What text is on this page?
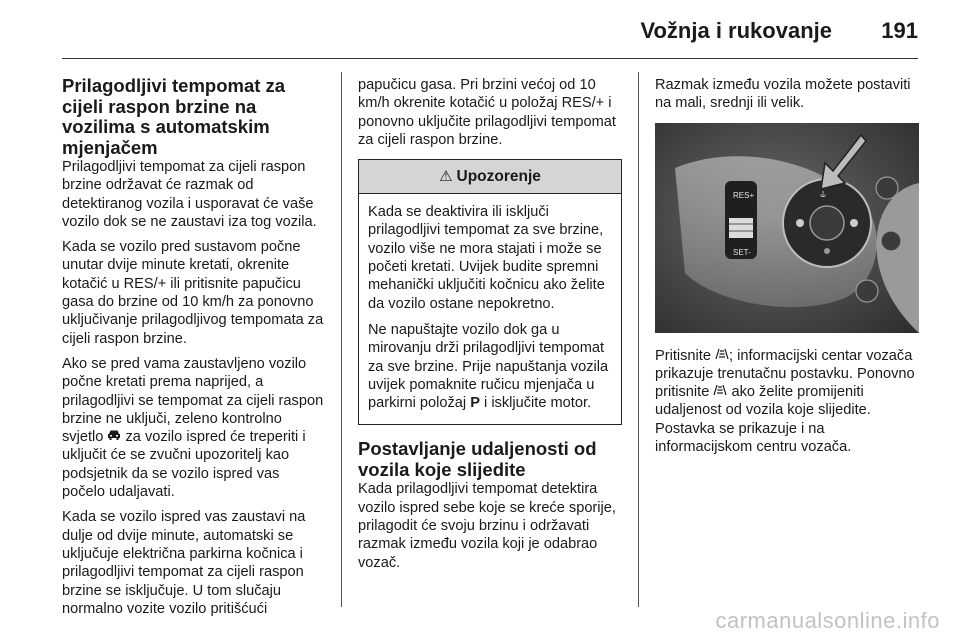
Vožnja i rukovanje 191
Prilagodljivi tempomat za cijeli raspon brzine na vozilima s automatskim mjenjačem

Prilagodljivi tempomat za cijeli raspon brzine održavat će razmak od detektiranog vozila i usporavat će vaše vozilo dok se ne zaustavi iza tog vozila.

Kada se vozilo pred sustavom počne unutar dvije minute kretati, okrenite kotačić u RES/+ ili pritisnite papučicu gasa do brzine od 10 km/h za ponovno uključivanje prilagodljivog tempomata za cijeli raspon brzine.

Ako se pred vama zaustavljeno vozilo počne kretati prema naprijed, a prilagodljivi se tempomat za cijeli raspon brzine ne uključi, zeleno kontrolno svjetlo za vozilo ispred će treperiti i uključit će se zvučni upozoritelj kao podsjetnik da se vozilo ispred vas počelo udaljavati.

Kada se vozilo ispred vas zaustavi na dulje od dvije minute, automatski se uključuje električna parkirna kočnica i prilagodljivi tempomat za cijeli raspon brzine se isključuje. U tom slučaju normalno vozite vozilo pritišćući

papučicu gasa. Pri brzini većoj od 10 km/h okrenite kotačić u položaj RES/+ i ponovno uključite prilagodljivi tempomat za cijeli raspon brzine.

⚠ Upozorenje

Kada se deaktivira ili isključi prilagodljivi tempomat za sve brzine, vozilo više ne mora stajati i može se početi kretati. Uvijek budite spremni mehanički uključiti kočnicu ako želite da vozilo ostane nepokretno.

Ne napuštajte vozilo dok ga u mirovanju drži prilagodljivi tempomat za sve brzine. Prije napuštanja vozila uvijek pomaknite ručicu mjenjača u parkirni položaj P i isključite motor.

Postavljanje udaljenosti od vozila koje slijedite

Kada prilagodljivi tempomat detektira vozilo ispred sebe koje se kreće sporije, prilagodit će svoju brzinu i održavati razmak između vozila koji je odabrao vozač.

Razmak između vozila možete postaviti na mali, srednji ili velik.

RES+
SET-
⫝

Pritisnite ; informacijski centar vozača prikazuje trenutačnu postavku. Ponovno pritisnite ako želite promijeniti udaljenost od vozila koje slijedite. Postavka se prikazuje i na informacijskom centru vozača.

carmanualsonline.info
